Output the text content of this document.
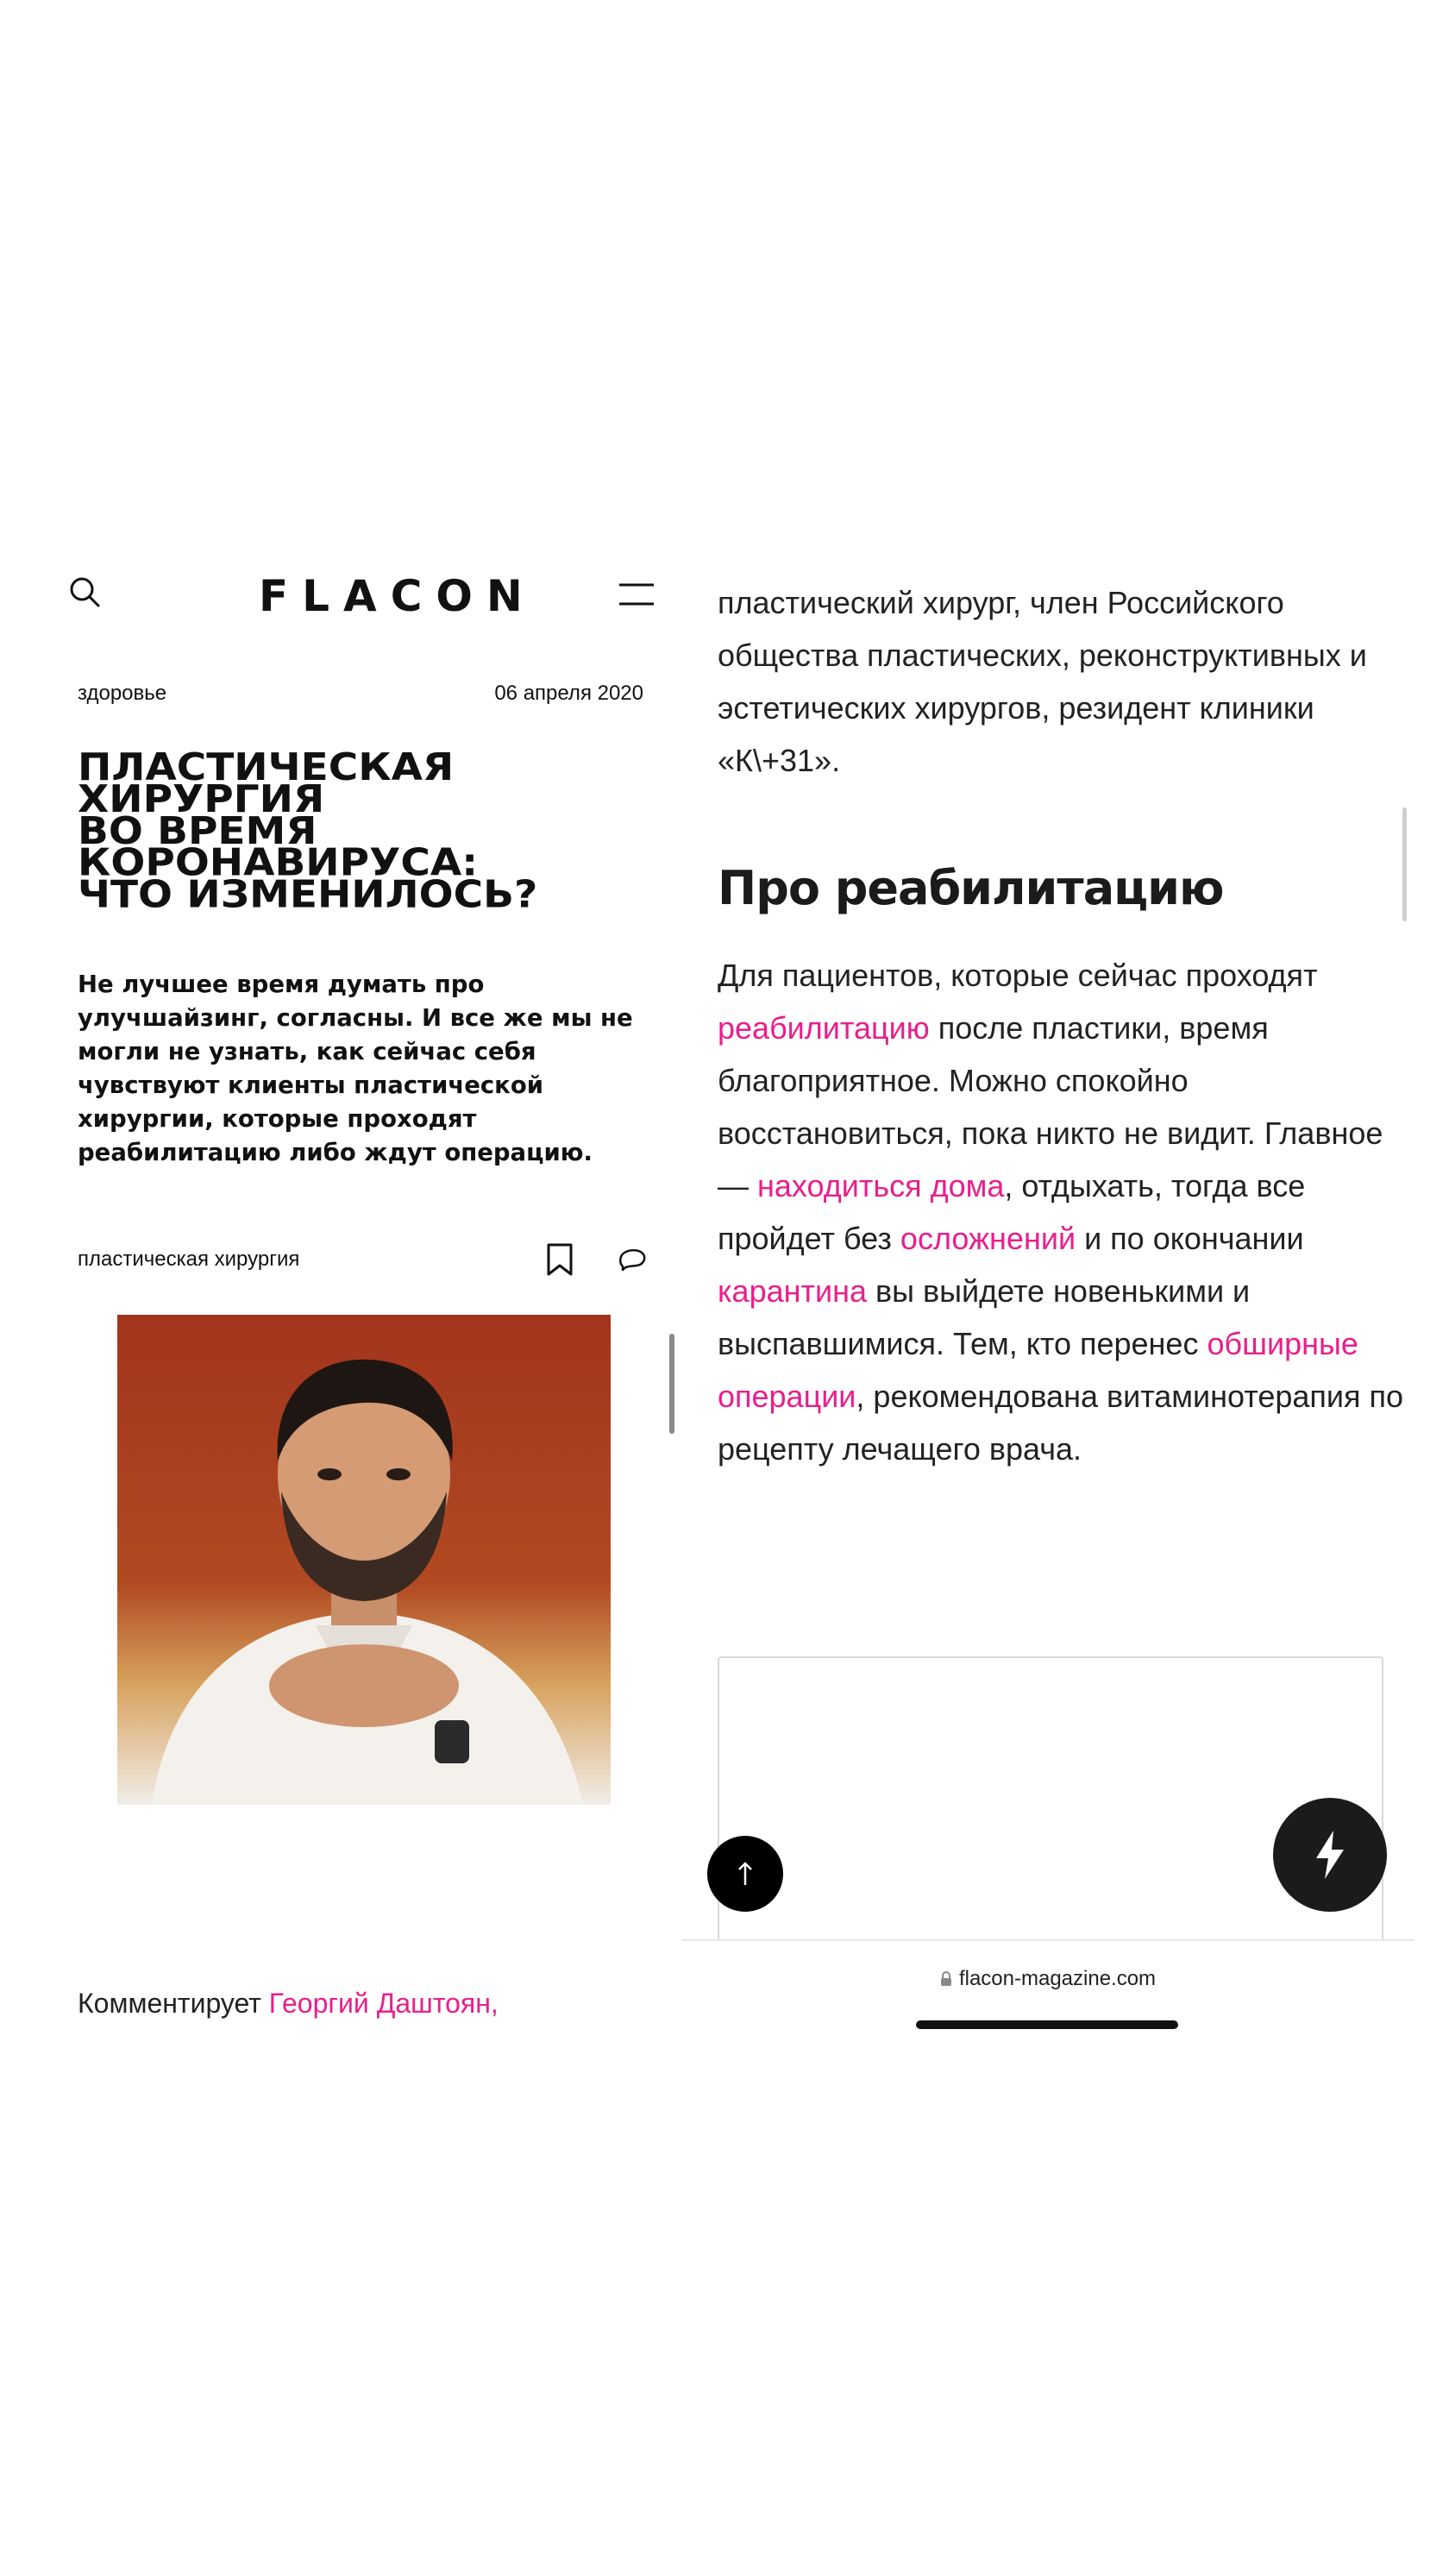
FLACON
здоровье	06 апреля 2020
ПЛАСТИЧЕСКАЯ
ХИРУРГИЯ
ВО ВРЕМЯ
КОРОНАВИРУСА:
ЧТО ИЗМЕНИЛОСЬ?

Не лучшее время думать про улучшайзинг, согласны. И все же мы не могли не узнать, как сейчас себя чувствуют клиенты пластической хирургии, которые проходят реабилитацию либо ждут операцию.

пластическая хирургия
Комментирует Георгий Даштоян,

пластический хирург, член Российского общества пластических, реконструктивных и эстетических хирургов, резидент клиники «К\+31».

Про реабилитацию

Для пациентов, которые сейчас проходят реабилитацию после пластики, время благоприятное. Можно спокойно восстановиться, пока никто не видит. Главное — находиться дома, отдыхать, тогда все пройдет без осложнений и по окончании карантина вы выйдете новенькими и выспавшимися. Тем, кто перенес обширные операции, рекомендована витаминотерапия по рецепту лечащего врача.

flacon-magazine.com
